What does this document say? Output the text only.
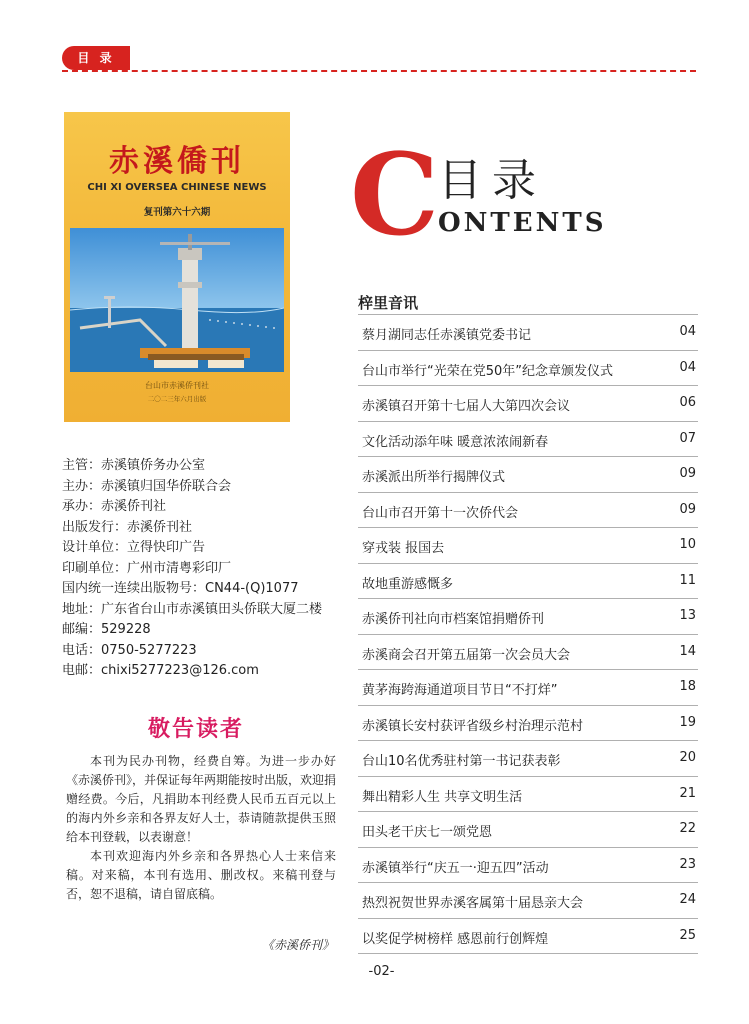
目 录
赤溪僑刊
CHI XI OVERSEA CHINESE NEWS
复刊第六十六期
台山市赤溪侨刊社
二〇二三年六月出版
主管：赤溪镇侨务办公室
主办：赤溪镇归国华侨联合会
承办：赤溪侨刊社
出版发行：赤溪侨刊社
设计单位：立得快印广告
印刷单位：广州市清粤彩印厂
国内统一连续出版物号：CN44-(Q)1077
地址：广东省台山市赤溪镇田头侨联大厦二楼
邮编：529228
电话：0750-5277223
电邮：chixi5277223@126.com
敬告读者

本刊为民办刊物，经费自筹。为进一步办好《赤溪侨刊》，并保证每年两期能按时出版，欢迎捐赠经费。今后，凡捐助本刊经费人民币五百元以上的海内外乡亲和各界友好人士，恭请随款提供玉照给本刊登载，以表谢意！

本刊欢迎海内外乡亲和各界热心人士来信来稿。对来稿，本刊有选用、删改权。来稿刊登与否，恕不退稿，请自留底稿。

《赤溪侨刊》
C
目录
ONTENTS
梓里音讯
蔡月湖同志任赤溪镇党委书记	04
台山市举行“光荣在党50年”纪念章颁发仪式	04
赤溪镇召开第十七届人大第四次会议	06
文化活动添年味 暖意浓浓闹新春	07
赤溪派出所举行揭牌仪式	09
台山市召开第十一次侨代会	09
穿戎装 报国去	10
故地重游感慨多	11
赤溪侨刊社向市档案馆捐赠侨刊	13
赤溪商会召开第五届第一次会员大会	14
黄茅海跨海通道项目节日“不打烊”	18
赤溪镇长安村获评省级乡村治理示范村	19
台山10名优秀驻村第一书记获表彰	20
舞出精彩人生 共享文明生活	21
田头老干庆七一颂党恩	22
赤溪镇举行“庆五一·迎五四”活动	23
热烈祝贺世界赤溪客属第十届恳亲大会	24
以奖促学树榜样 感恩前行创辉煌	25
-02-
